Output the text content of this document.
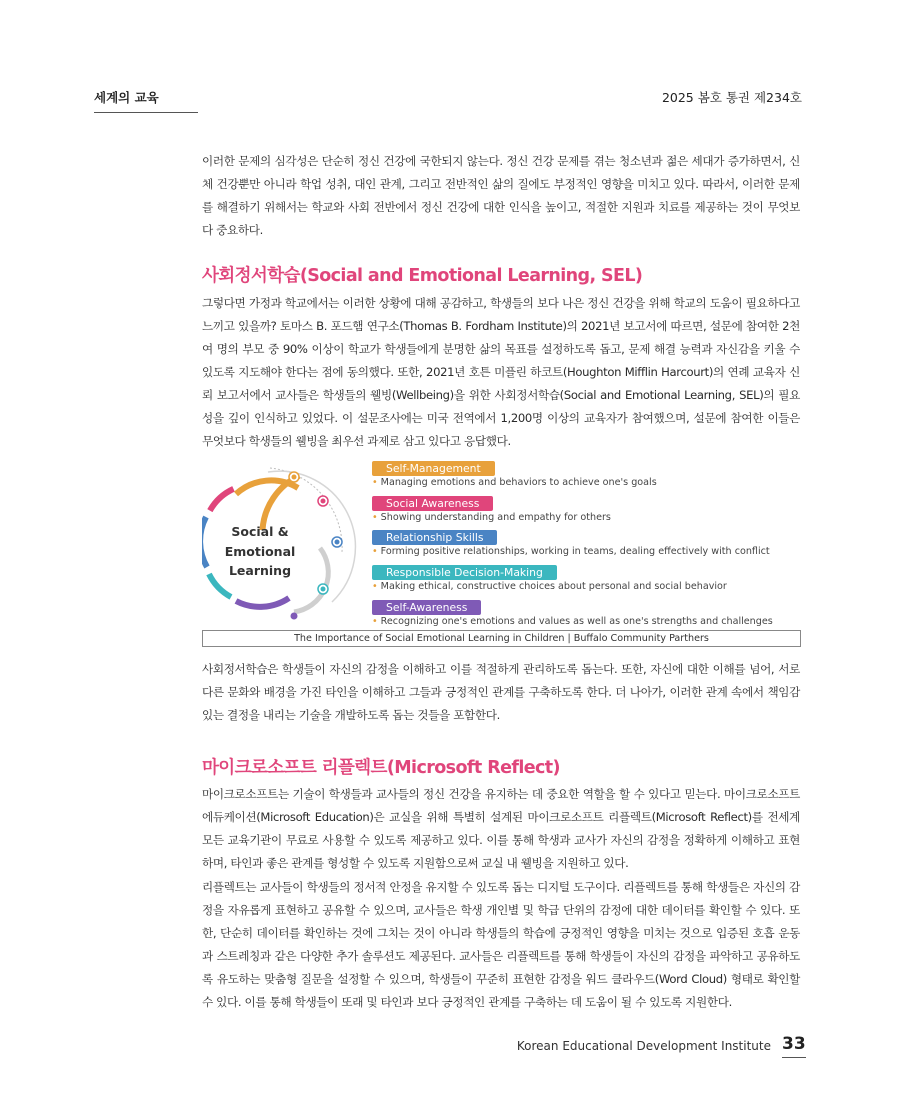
세계의 교육	2025 봄호 통권 제234호

이러한 문제의 심각성은 단순히 정신 건강에 국한되지 않는다. 정신 건강 문제를 겪는 청소년과 젊은 세대가 증가하면서, 신체 건강뿐만 아니라 학업 성취, 대인 관계, 그리고 전반적인 삶의 질에도 부정적인 영향을 미치고 있다. 따라서, 이러한 문제를 해결하기 위해서는 학교와 사회 전반에서 정신 건강에 대한 인식을 높이고, 적절한 지원과 치료를 제공하는 것이 무엇보다 중요하다.

사회정서학습(Social and Emotional Learning, SEL)

그렇다면 가정과 학교에서는 이러한 상황에 대해 공감하고, 학생들의 보다 나은 정신 건강을 위해 학교의 도움이 필요하다고 느끼고 있을까? 토마스 B. 포드햄 연구소(Thomas B. Fordham Institute)의 2021년 보고서에 따르면, 설문에 참여한 2천여 명의 부모 중 90% 이상이 학교가 학생들에게 분명한 삶의 목표를 설정하도록 돕고, 문제 해결 능력과 자신감을 키울 수 있도록 지도해야 한다는 점에 동의했다. 또한, 2021년 호튼 미플린 하코트(Houghton Mifflin Harcourt)의 연례 교육자 신뢰 보고서에서 교사들은 학생들의 웰빙(Wellbeing)을 위한 사회정서학습(Social and Emotional Learning, SEL)의 필요성을 깊이 인식하고 있었다. 이 설문조사에는 미국 전역에서 1,200명 이상의 교육자가 참여했으며, 설문에 참여한 이들은 무엇보다 학생들의 웰빙을 최우선 과제로 삼고 있다고 응답했다.

Social &
Emotional
Learning
Self-Management
• Managing emotions and behaviors to achieve one's goals
Social Awareness
• Showing understanding and empathy for others
Relationship Skills
• Forming positive relationships, working in teams, dealing effectively with conflict
Responsible Decision-Making
• Making ethical, constructive choices about personal and social behavior
Self-Awareness
• Recognizing one's emotions and values as well as one's strengths and challenges
The Importance of Social Emotional Learning in Children | Buffalo Community Parthers

사회정서학습은 학생들이 자신의 감정을 이해하고 이를 적절하게 관리하도록 돕는다. 또한, 자신에 대한 이해를 넘어, 서로 다른 문화와 배경을 가진 타인을 이해하고 그들과 긍정적인 관계를 구축하도록 한다. 더 나아가, 이러한 관계 속에서 책임감 있는 결정을 내리는 기술을 개발하도록 돕는 것들을 포함한다.

마이크로소프트 리플렉트(Microsoft Reflect)

마이크로소프트는 기술이 학생들과 교사들의 정신 건강을 유지하는 데 중요한 역할을 할 수 있다고 믿는다. 마이크로소프트 에듀케이션(Microsoft Education)은 교실을 위해 특별히 설계된 마이크로소프트 리플렉트(Microsoft Reflect)를 전세계 모든 교육기관이 무료로 사용할 수 있도록 제공하고 있다. 이를 통해 학생과 교사가 자신의 감정을 정확하게 이해하고 표현하며, 타인과 좋은 관계를 형성할 수 있도록 지원함으로써 교실 내 웰빙을 지원하고 있다.

리플렉트는 교사들이 학생들의 정서적 안정을 유지할 수 있도록 돕는 디지털 도구이다. 리플렉트를 통해 학생들은 자신의 감정을 자유롭게 표현하고 공유할 수 있으며, 교사들은 학생 개인별 및 학급 단위의 감정에 대한 데이터를 확인할 수 있다. 또한, 단순히 데이터를 확인하는 것에 그치는 것이 아니라 학생들의 학습에 긍정적인 영향을 미치는 것으로 입증된 호흡 운동과 스트레칭과 같은 다양한 추가 솔루션도 제공된다. 교사들은 리플렉트를 통해 학생들이 자신의 감정을 파악하고 공유하도록 유도하는 맞춤형 질문을 설정할 수 있으며, 학생들이 꾸준히 표현한 감정을 워드 클라우드(Word Cloud) 형태로 확인할 수 있다. 이를 통해 학생들이 또래 및 타인과 보다 긍정적인 관계를 구축하는 데 도움이 될 수 있도록 지원한다.

Korean Educational Development Institute 33
